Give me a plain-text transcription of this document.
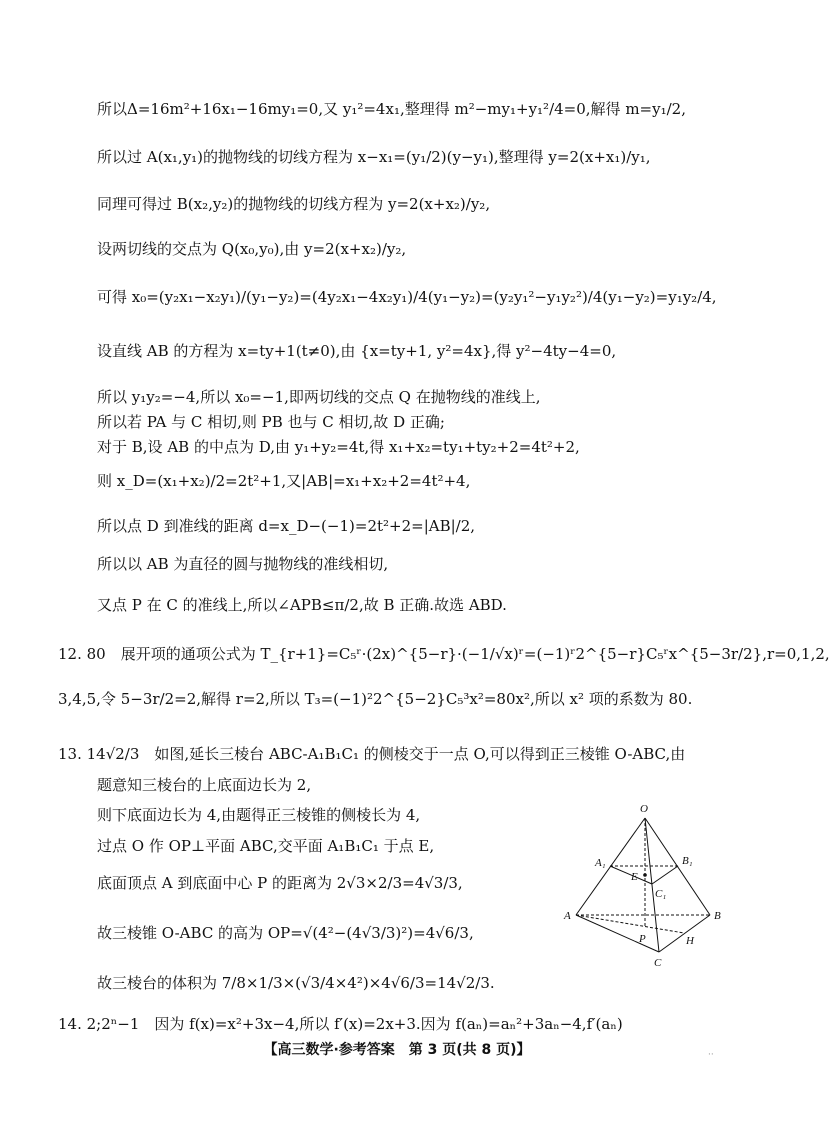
所以Δ=16m²+16x₁−16my₁=0,又 y₁²=4x₁,整理得 m²−my₁+y₁²/4=0,解得 m=y₁/2,
所以过 A(x₁,y₁)的抛物线的切线方程为 x−x₁=(y₁/2)(y−y₁),整理得 y=2(x+x₁)/y₁,
同理可得过 B(x₂,y₂)的抛物线的切线方程为 y=2(x+x₂)/y₂,
设两切线的交点为 Q(x₀,y₀),由 y=2(x+x₂)/y₂,
可得 x₀=(y₂x₁−x₂y₁)/(y₁−y₂)=(4y₂x₁−4x₂y₁)/4(y₁−y₂)=(y₂y₁²−y₁y₂²)/4(y₁−y₂)=y₁y₂/4,
设直线 AB 的方程为 x=ty+1(t≠0),由 {x=ty+1, y²=4x},得 y²−4ty−4=0,
所以 y₁y₂=−4,所以 x₀=−1,即两切线的交点 Q 在抛物线的准线上,
所以若 PA 与 C 相切,则 PB 也与 C 相切,故 D 正确;
对于 B,设 AB 的中点为 D,由 y₁+y₂=4t,得 x₁+x₂=ty₁+ty₂+2=4t²+2,
则 x_D=(x₁+x₂)/2=2t²+1,又|AB|=x₁+x₂+2=4t²+4,
所以点 D 到准线的距离 d=x_D−(−1)=2t²+2=|AB|/2,
所以以 AB 为直径的圆与抛物线的准线相切,
又点 P 在 C 的准线上,所以∠APB≤π/2,故 B 正确.故选 ABD.
12. 80　展开项的通项公式为 T_{r+1}=C₅ʳ·(2x)^{5−r}·(−1/√x)ʳ=(−1)ʳ2^{5−r}C₅ʳx^{5−3r/2},r=0,1,2,
3,4,5,令 5−3r/2=2,解得 r=2,所以 T₃=(−1)²2^{5−2}C₅³x²=80x²,所以 x² 项的系数为 80.
13. 14√2/3　如图,延长三棱台 ABC-A₁B₁C₁ 的侧棱交于一点 O,可以得到正三棱锥 O-ABC,由
题意知三棱台的上底面边长为 2,
则下底面边长为 4,由题得正三棱锥的侧棱长为 4,
过点 O 作 OP⊥平面 ABC,交平面 A₁B₁C₁ 于点 E,
底面顶点 A 到底面中心 P 的距离为 2√3×2/3=4√3/3,
故三棱锥 O-ABC 的高为 OP=√(4²−(4√3/3)²)=4√6/3,
故三棱台的体积为 7/8×1/3×(√3/4×4²)×4√6/3=14√2/3.
14. 2;2ⁿ−1　因为 f(x)=x²+3x−4,所以 f′(x)=2x+3.因为 f(aₙ)=aₙ²+3aₙ−4,f′(aₙ)
O
A₁	B₁
E
C₁
A	B
P	H
C
【高三数学·参考答案　第 3 页(共 8 页)】	··
